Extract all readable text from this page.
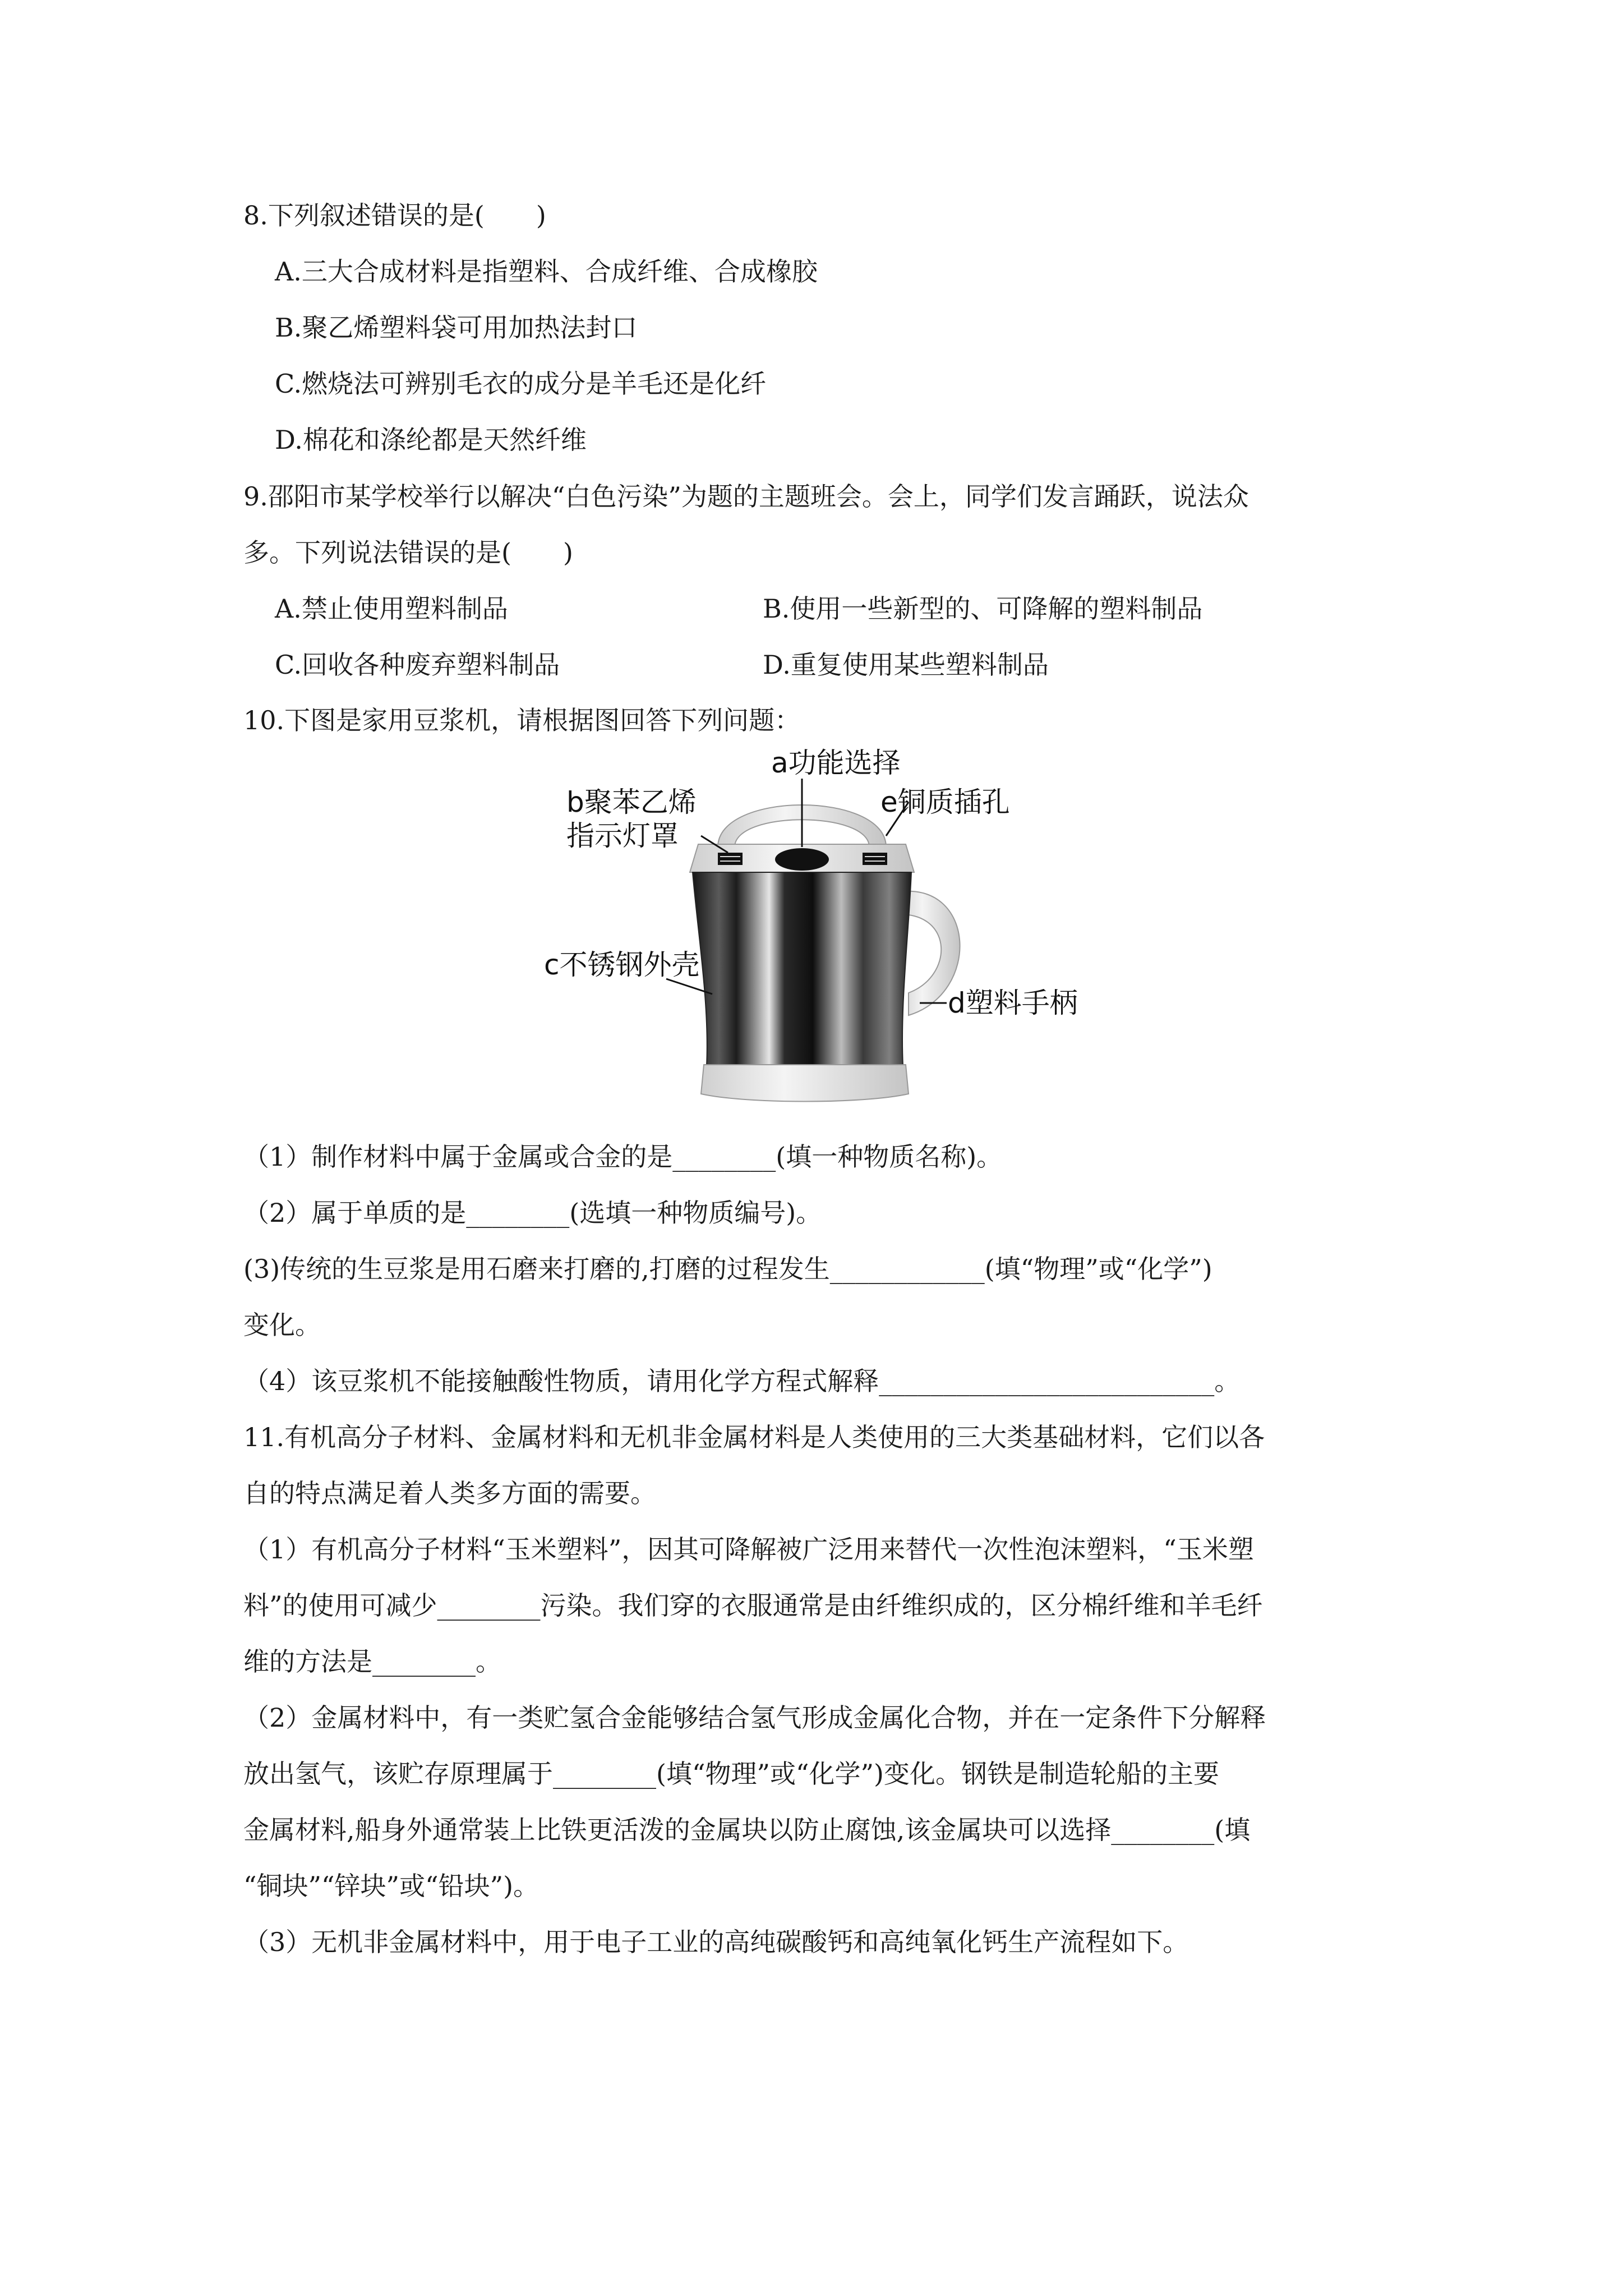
8.下列叙述错误的是(　　)
A.三大合成材料是指塑料、合成纤维、合成橡胶
B.聚乙烯塑料袋可用加热法封口
C.燃烧法可辨别毛衣的成分是羊毛还是化纤
D.棉花和涤纶都是天然纤维
9.邵阳市某学校举行以解决“白色污染”为题的主题班会。会上，同学们发言踊跃，说法众
多。下列说法错误的是(　　)
A.禁止使用塑料制品	B.使用一些新型的、可降解的塑料制品
C.回收各种废弃塑料制品	D.重复使用某些塑料制品
10.下图是家用豆浆机，请根据图回答下列问题：
a功能选择
b聚苯乙烯
指示灯罩
e铜质插孔
c不锈钢外壳
d塑料手柄
（1）制作材料中属于金属或合金的是________(填一种物质名称)。
（2）属于单质的是________(选填一种物质编号)。
(3)传统的生豆浆是用石磨来打磨的,打磨的过程发生____________(填“物理”或“化学”)
变化。
（4）该豆浆机不能接触酸性物质，请用化学方程式解释__________________________。
11.有机高分子材料、金属材料和无机非金属材料是人类使用的三大类基础材料，它们以各
自的特点满足着人类多方面的需要。
（1）有机高分子材料“玉米塑料”，因其可降解被广泛用来替代一次性泡沫塑料，“玉米塑
料”的使用可减少________污染。我们穿的衣服通常是由纤维织成的，区分棉纤维和羊毛纤
维的方法是________。
（2）金属材料中，有一类贮氢合金能够结合氢气形成金属化合物，并在一定条件下分解释
放出氢气，该贮存原理属于________(填“物理”或“化学”)变化。钢铁是制造轮船的主要
金属材料,船身外通常装上比铁更活泼的金属块以防止腐蚀,该金属块可以选择________(填
“铜块”“锌块”或“铅块”)。
（3）无机非金属材料中，用于电子工业的高纯碳酸钙和高纯氧化钙生产流程如下。
